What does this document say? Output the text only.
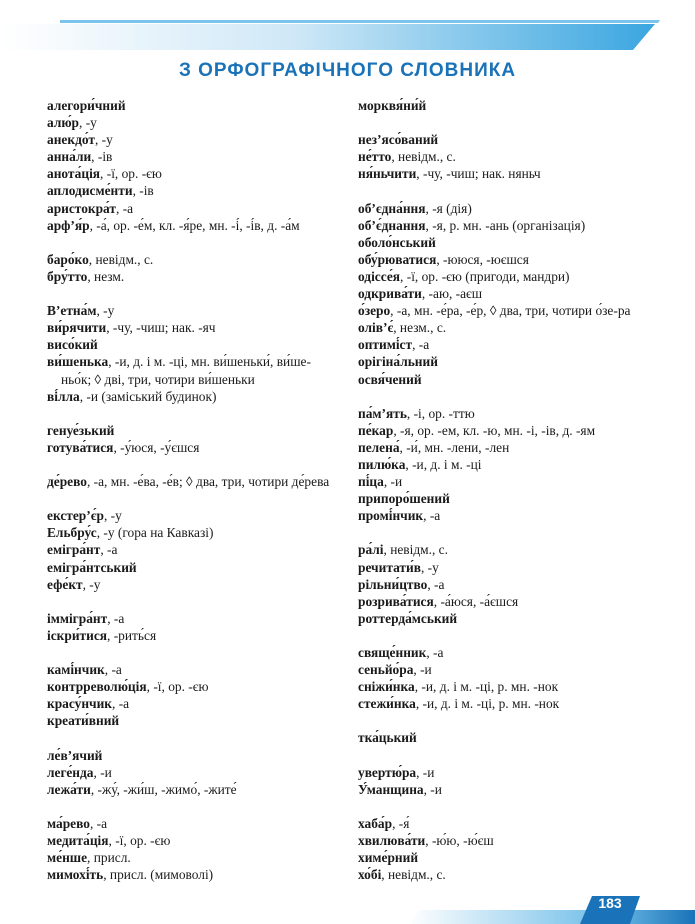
З ОРФОГРАФІЧНОГО СЛОВНИКА
алегори́чний
алю́р, -у
анекдо́т, -у
анна́ли, -ів
анота́ція, -ї, ор. -єю
аплодисме́нти, -ів
аристокра́т, -а
арф’я́р, -а́, ор. -е́м, кл. -я́ре, мн. -і́, -і́в, д. -а́м
баро́ко, невідм., с.
бру́тто, незм.
В’етна́м, -у
ви́рячити, -чу, -чиш; нак. -яч
висо́кий
ви́шенька, -и, д. і м. -ці, мн. ви́шеньки́, ви́ше-ньо́к; ◊ дві, три, чотири ви́шеньки
ві́лла, -и (заміський будинок)
генуе́зький
готува́тися, -у́юся, -у́єшся
де́рево, -а, мн. -е́ва, -е́в; ◊ два, три, чотири де́рева
екстер’є́р, -у
Ельбру́с, -у (гора на Кавказі)
емігра́нт, -а
емігра́нтський
ефе́кт, -у
іммігра́нт, -а
іскри́тися, -рить́ся
камі́нчик, -а
контрреволю́ція, -ї, ор. -єю
красу́нчик, -а
креати́вний
ле́в’ячий
леге́нда, -и
лежа́ти, -жу́, -жи́ш, -жимо́, -жите́
ма́рево, -а
медита́ція, -ї, ор. -єю
ме́нше, присл.
мимохі́ть, присл. (мимоволі)
морквя́ни́й
нез’ясо́ваний
не́тто, невідм., с.
ня́ньчити, -чу, -чиш; нак. няньч
об’єдна́ння, -я (дія)
об’є́днання, -я, р. мн. -ань (організація)
оболо́нський
обу́рюватися, -ююся, -юєшся
одіссе́я, -ї, ор. -єю (пригоди, мандри)
одкрива́ти, -аю, -аєш
о́зеро, -а, мн. -е́ра, -е́р, ◊ два, три, чотири о́зе-ра
олів’є́, незм., с.
оптимі́ст, -а
орігіна́льний
освя́чений
па́м’ять, -і, ор. -ттю
пе́кар, -я, ор. -ем, кл. -ю, мн. -і, -ів, д. -ям
пелена́, -и́, мн. -лени, -лен
пилю́ка, -и, д. і м. -ці
пі́ца, -и
припоро́шений
промі́нчик, -а
ра́лі, невідм., с.
речитати́в, -у
рільни́цтво, -а
розрива́тися, -а́юся, -а́єшся
роттерда́мський
свяще́нник, -а
сеньйо́ра, -и
сніжи́нка, -и, д. і м. -ці, р. мн. -нок
стежи́нка, -и, д. і м. -ці, р. мн. -нок
тка́цький
увертю́ра, -и
У́манщина, -и
хаба́р, -я́
хвилюва́ти, -ю́ю, -ю́єш
химе́рний
хо́бі, невідм., с.
183
